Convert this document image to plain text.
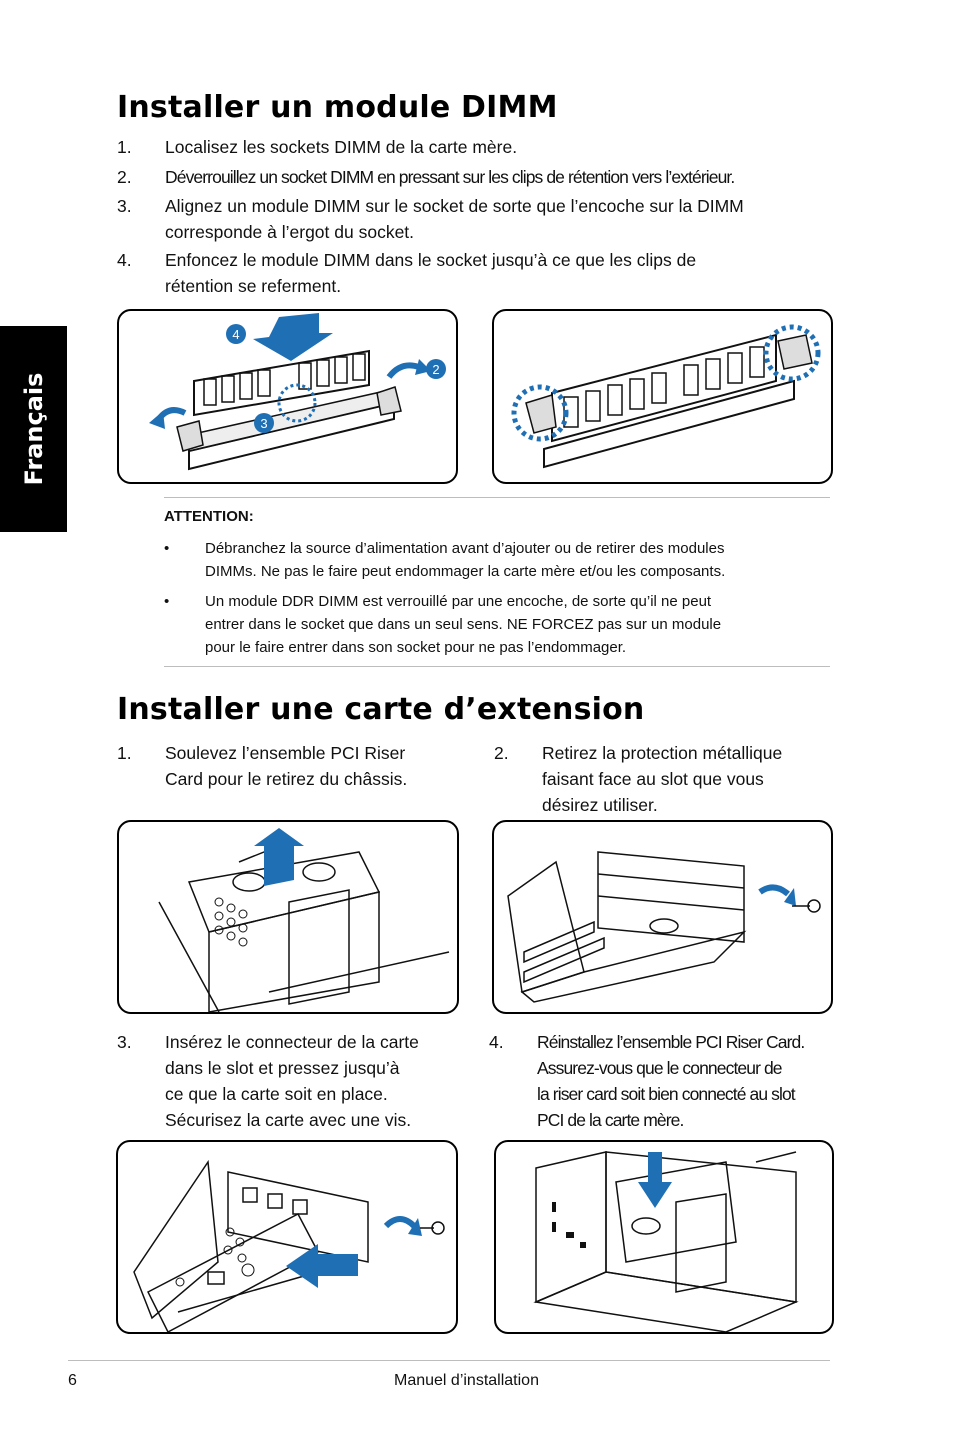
Français
Installer un module DIMM
1. Localisez les sockets DIMM de la carte mère.
2. Déverrouillez un socket DIMM en pressant sur les clips de rétention vers l’extérieur.
3. Alignez un module DIMM sur le socket de sorte que l’encoche sur la DIMM
corresponde à l’ergot du socket.
4. Enfoncez le module DIMM dans le socket jusqu’à ce que les clips de
rétention se referment.
4
2
3
ATTENTION:
• Débranchez la source d’alimentation avant d’ajouter ou de retirer des modules
DIMMs. Ne pas le faire peut endommager la carte mère et/ou les composants.
• Un module DDR DIMM est verrouillé par une encoche, de sorte qu’il ne peut
entrer dans le socket que dans un seul sens. NE FORCEZ pas sur un module
pour le faire entrer dans son socket pour ne pas l’endommager.
Installer une carte d’extension
1. Soulevez l’ensemble PCI Riser
Card pour le retirez du châssis.
2. Retirez la protection métallique
faisant face au slot que vous
désirez utiliser.
3. Insérez le connecteur de la carte
dans le slot et pressez jusqu’à
ce que la carte soit en place.
Sécurisez la carte avec une vis.
4. Réinstallez l’ensemble PCI Riser Card.
Assurez-vous que le connecteur de
la riser card soit bien connecté au slot
PCI de la carte mère.
6	Manuel d’installation
